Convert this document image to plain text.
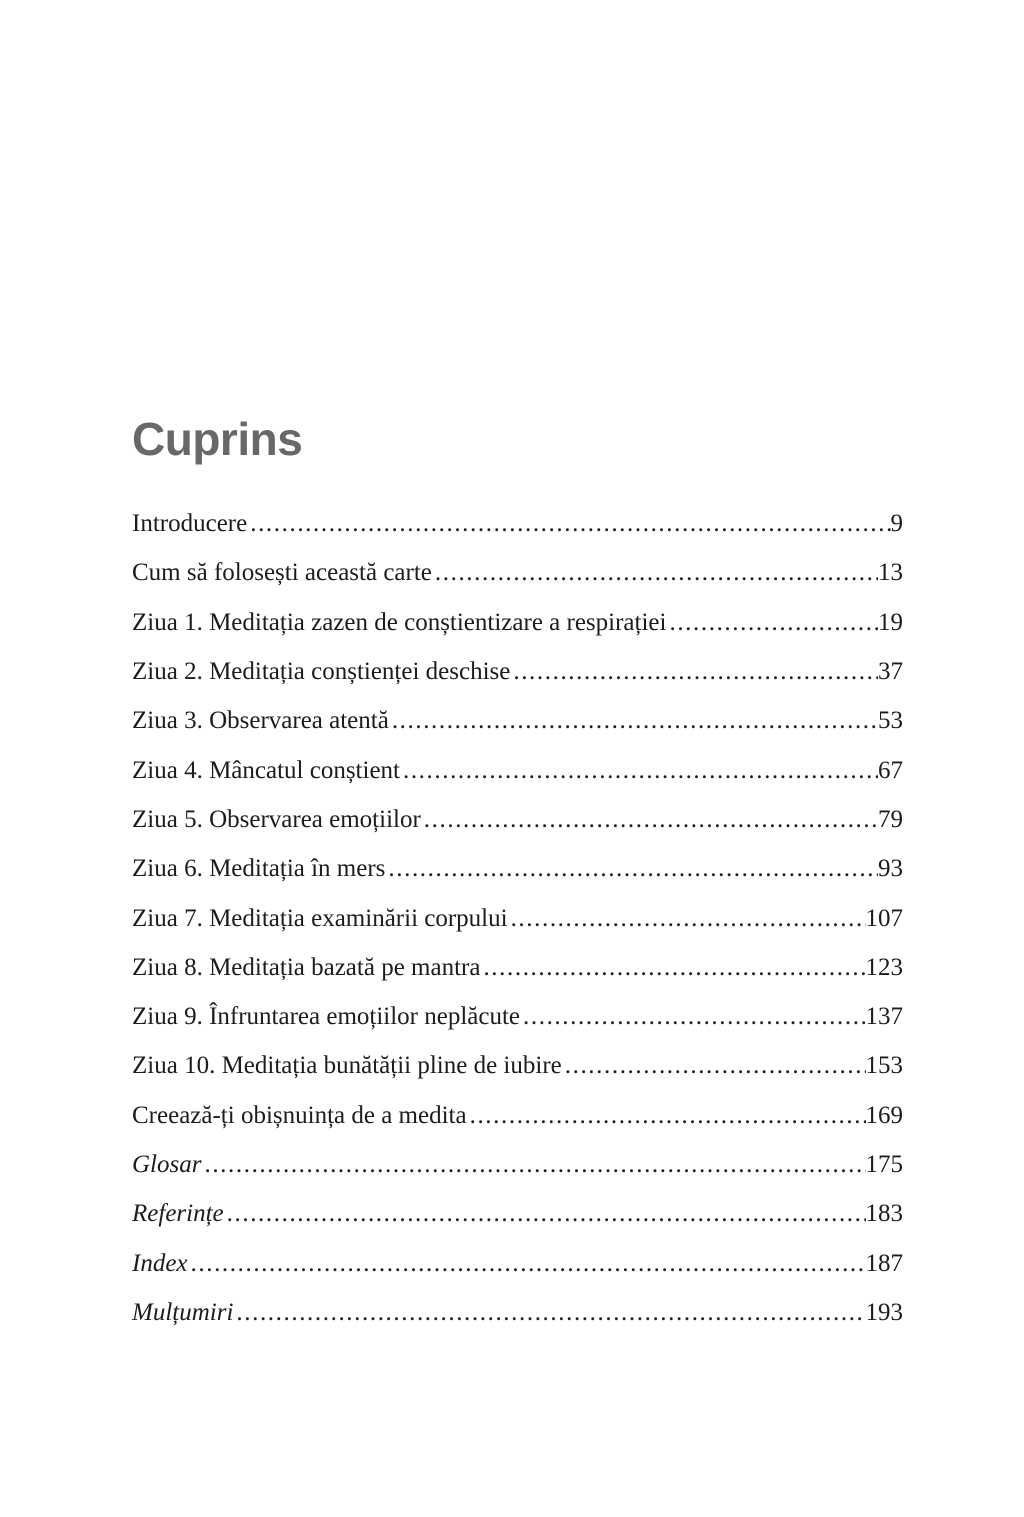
Cuprins
Introducere .....	9
Cum să folosești această carte .....	13
Ziua 1. Meditația zazen de conștientizare a respirației .....	19
Ziua 2. Meditația conștienței deschise .....	37
Ziua 3. Observarea atentă .....	53
Ziua 4. Mâncatul conștient .....	67
Ziua 5. Observarea emoțiilor .....	79
Ziua 6. Meditația în mers .....	93
Ziua 7. Meditația examinării corpului .....	107
Ziua 8. Meditația bazată pe mantra .....	123
Ziua 9. Înfruntarea emoțiilor neplăcute .....	137
Ziua 10. Meditația bunătății pline de iubire .....	153
Creează-ți obișnuința de a medita .....	169
Glosar .....	175
Referințe .....	183
Index .....	187
Mulțumiri .....	193
